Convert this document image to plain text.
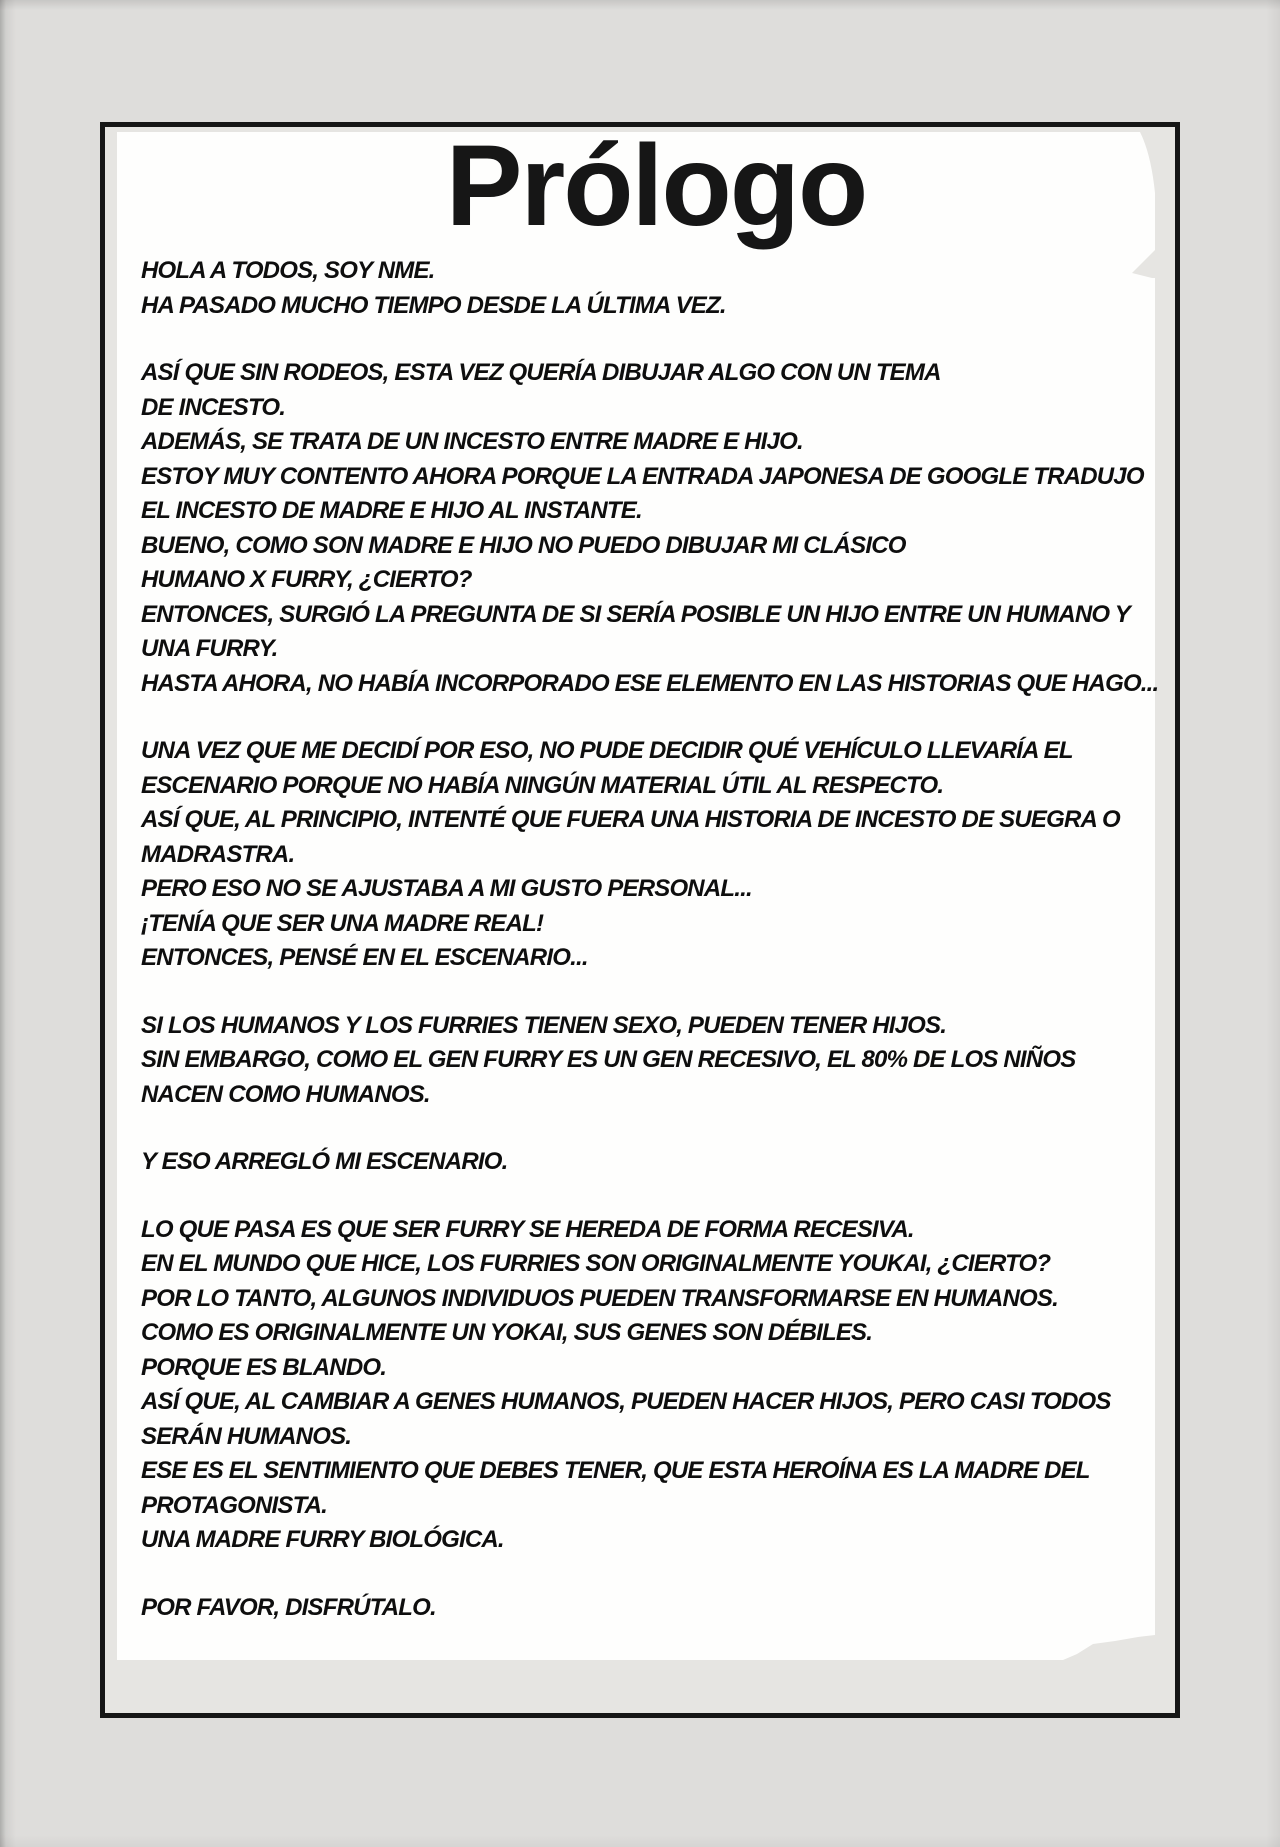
Prólogo
HOLA A TODOS, SOY NME.
HA PASADO MUCHO TIEMPO DESDE LA ÚLTIMA VEZ.
ASÍ QUE SIN RODEOS, ESTA VEZ QUERÍA DIBUJAR ALGO CON UN TEMA
DE INCESTO.
ADEMÁS, SE TRATA DE UN INCESTO ENTRE MADRE E HIJO.
ESTOY MUY CONTENTO AHORA PORQUE LA ENTRADA JAPONESA DE GOOGLE TRADUJO
EL INCESTO DE MADRE E HIJO AL INSTANTE.
BUENO, COMO SON MADRE E HIJO NO PUEDO DIBUJAR MI CLÁSICO
HUMANO X FURRY, ¿CIERTO?
ENTONCES, SURGIÓ LA PREGUNTA DE SI SERÍA POSIBLE UN HIJO ENTRE UN HUMANO Y
UNA FURRY.
HASTA AHORA, NO HABÍA INCORPORADO ESE ELEMENTO EN LAS HISTORIAS QUE HAGO...
UNA VEZ QUE ME DECIDÍ POR ESO, NO PUDE DECIDIR QUÉ VEHÍCULO LLEVARÍA EL
ESCENARIO PORQUE NO HABÍA NINGÚN MATERIAL ÚTIL AL RESPECTO.
ASÍ QUE, AL PRINCIPIO, INTENTÉ QUE FUERA UNA HISTORIA DE INCESTO DE SUEGRA O
MADRASTRA.
PERO ESO NO SE AJUSTABA A MI GUSTO PERSONAL...
¡TENÍA QUE SER UNA MADRE REAL!
ENTONCES, PENSÉ EN EL ESCENARIO...
SI LOS HUMANOS Y LOS FURRIES TIENEN SEXO, PUEDEN TENER HIJOS.
SIN EMBARGO, COMO EL GEN FURRY ES UN GEN RECESIVO, EL 80% DE LOS NIÑOS
NACEN COMO HUMANOS.
Y ESO ARREGLÓ MI ESCENARIO.
LO QUE PASA ES QUE SER FURRY SE HEREDA DE FORMA RECESIVA.
EN EL MUNDO QUE HICE, LOS FURRIES SON ORIGINALMENTE YOUKAI, ¿CIERTO?
POR LO TANTO, ALGUNOS INDIVIDUOS PUEDEN TRANSFORMARSE EN HUMANOS.
COMO ES ORIGINALMENTE UN YOKAI, SUS GENES SON DÉBILES.
PORQUE ES BLANDO.
ASÍ QUE, AL CAMBIAR A GENES HUMANOS, PUEDEN HACER HIJOS, PERO CASI TODOS
SERÁN HUMANOS.
ESE ES EL SENTIMIENTO QUE DEBES TENER, QUE ESTA HEROÍNA ES LA MADRE DEL
PROTAGONISTA.
UNA MADRE FURRY BIOLÓGICA.
POR FAVOR, DISFRÚTALO.
